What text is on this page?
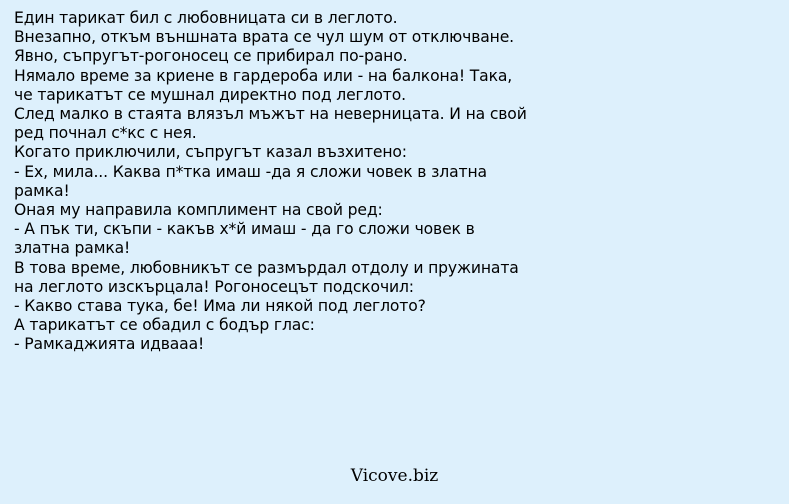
Един тарикат бил с любовницата си в леглото.
Внезапно, откъм външната врата се чул шум от отключване.
Явно, съпругът-рогоносец се прибирал по-рано.
Нямало време за криене в гардероба или - на балкона! Така,
че тарикатът се мушнал директно под леглото.
След малко в стаята влязъл мъжът на неверницата. И на свой
ред почнал с*кс с нея.
Когато приключили, съпругът казал възхитено:
- Ех, мила... Каква п*тка имаш -да я сложи човек в златна
рамка!
Оная му направила комплимент на свой ред:
- А пък ти, скъпи - какъв х*й имаш - да го сложи човек в
златна рамка!
В това време, любовникът се размърдал отдолу и пружината
на леглото изскърцала! Рогоносецът подскочил:
- Какво става тука, бе! Има ли някой под леглото?
А тарикатът се обадил с бодър глас:
- Рамкаджията идвааа!

Vicove.biz
